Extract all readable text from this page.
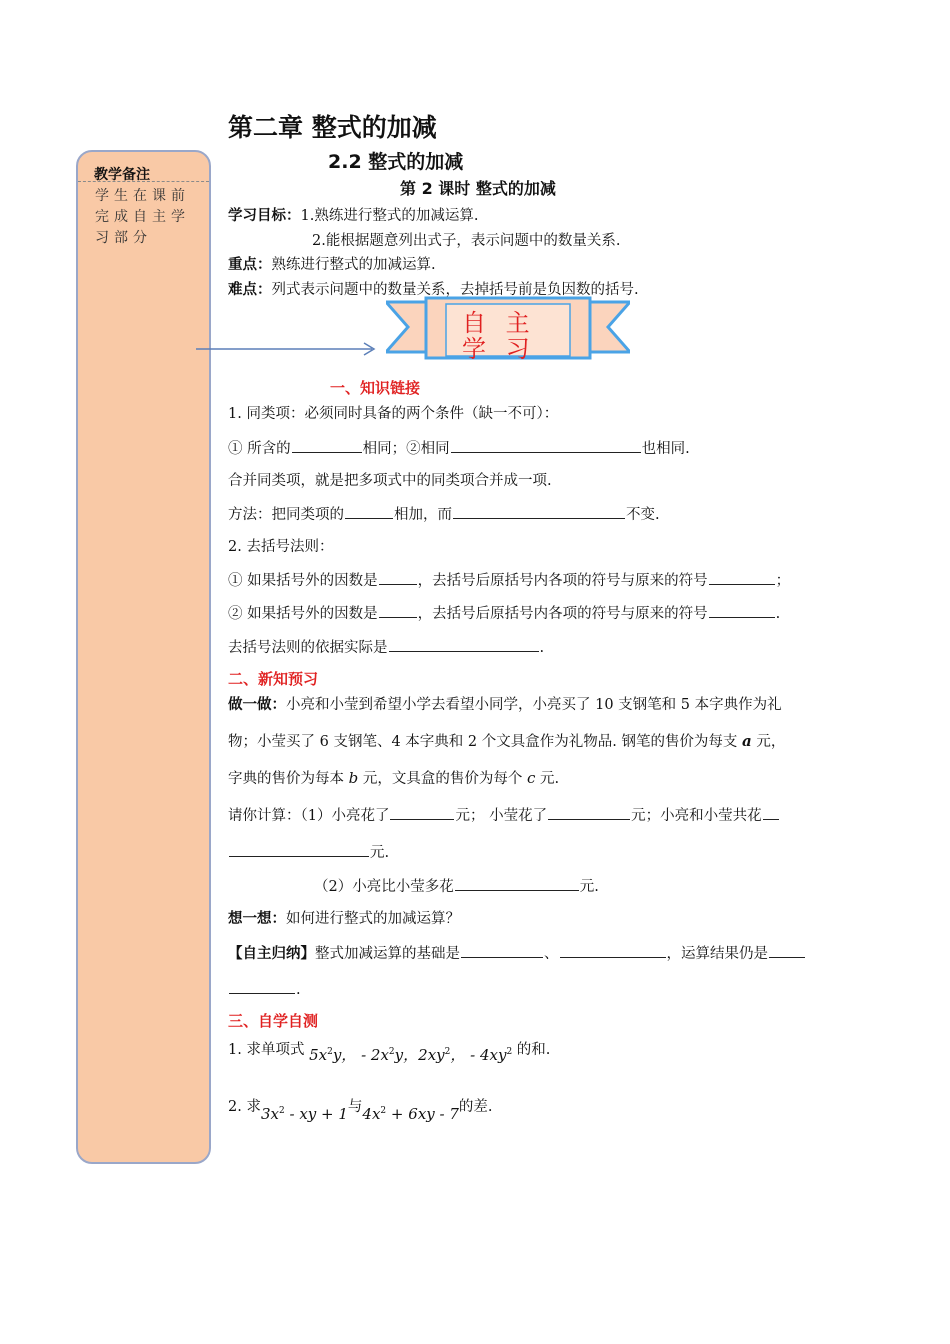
教学备注
学生在课前完成自主学习部分
第二章 整式的加减
2.2 整式的加减
第 2 课时 整式的加减
学习目标：1.熟练进行整式的加减运算.
2.能根据题意列出式子，表示问题中的数量关系.
重点：熟练进行整式的加减运算.
难点：列式表示问题中的数量关系，去掉括号前是负因数的括号.
自 主 学 习
一、知识链接
1. 同类项：必须同时具备的两个条件（缺一不可）：
① 所含的	相同；②相同	也相同.
合并同类项，就是把多项式中的同类项合并成一项.
方法：把同类项的	相加，而	不变.
2. 去括号法则：
① 如果括号外的因数是	，去括号后原括号内各项的符号与原来的符号	；
② 如果括号外的因数是	，去括号后原括号内各项的符号与原来的符号	.
去括号法则的依据实际是	.
二、新知预习
做一做：小亮和小莹到希望小学去看望小同学，小亮买了 10 支钢笔和 5 本字典作为礼
物；小莹买了 6 支钢笔、4 本字典和 2 个文具盒作为礼物品. 钢笔的售价为每支 a 元，
字典的售价为每本 b 元，文具盒的售价为每个 c 元.
请你计算：（1）小亮花了	元； 小莹花了	元；小亮和小莹共花
元.
（2）小亮比小莹多花	元.
想一想：如何进行整式的加减运算？
【自主归纳】整式加减运算的基础是	、	，运算结果仍是
.
三、自学自测
1. 求单项式 $5x^2y$， - $2x^2y$，$2xy^2$， - $4xy^2$ 的和.
2. 求$3x^2$ - xy + 1与$4x^2 + 6xy - 7$的差.
